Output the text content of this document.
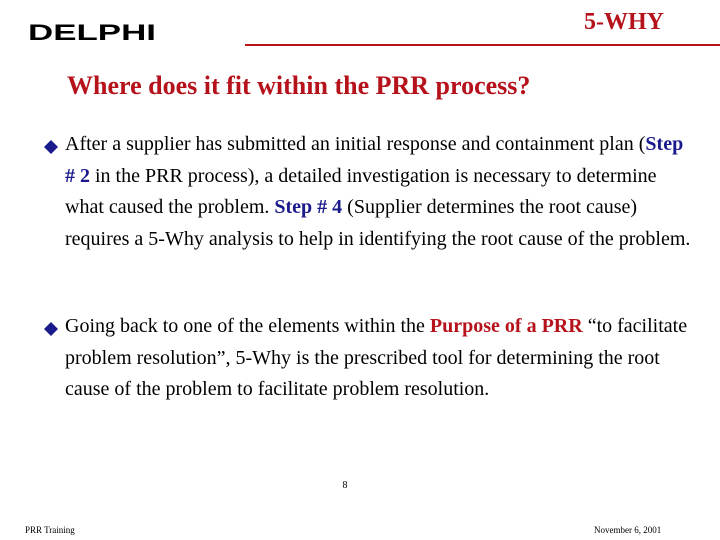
DELPHI	5-WHY
Where does it fit within the PRR process?
After a supplier has submitted an initial response and containment plan (Step # 2 in the PRR process), a detailed investigation is necessary to determine what caused the problem. Step # 4 (Supplier determines the root cause) requires a 5-Why analysis to help in identifying the root cause of the problem.
Going back to one of the elements within the Purpose of a PRR “to facilitate problem resolution”, 5-Why is the prescribed tool for determining the root cause of the problem to facilitate problem resolution.
8
PRR Training	November 6, 2001
